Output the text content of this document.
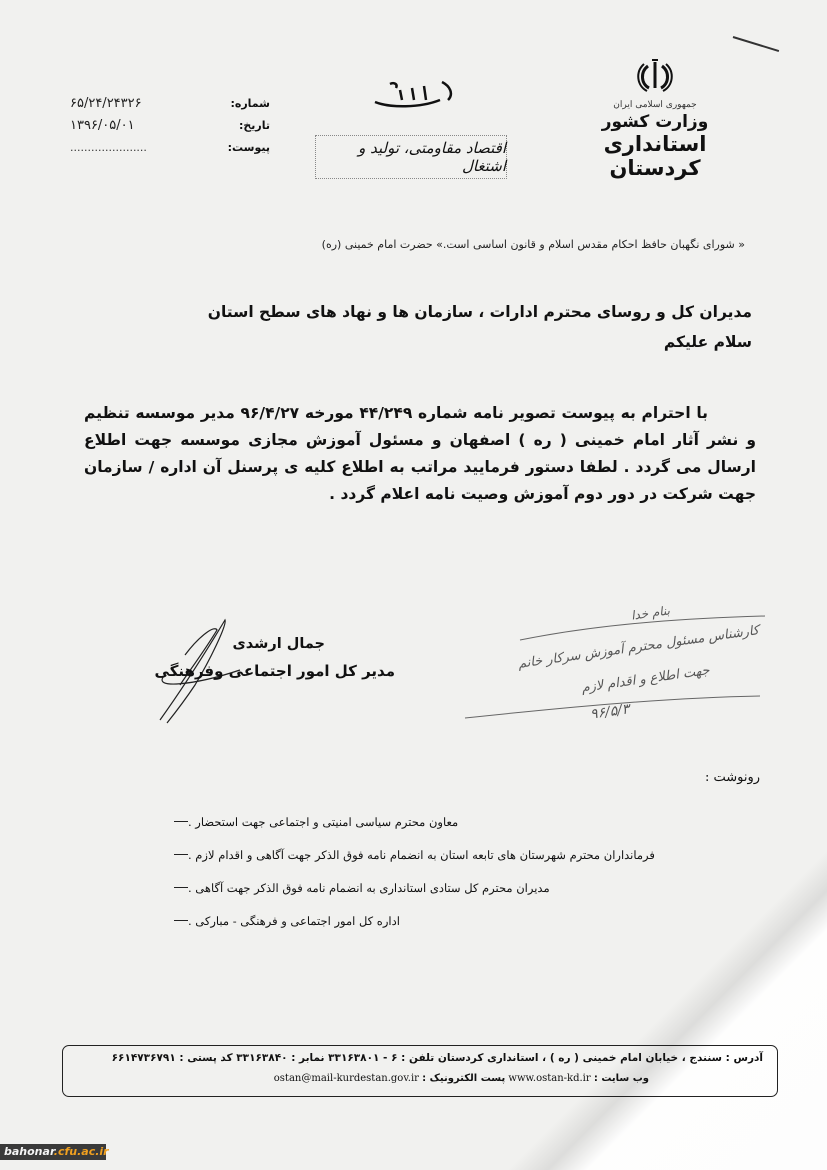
جمهوری اسلامی ایران
وزارت کشور
استانداری کردستان
اقتصاد مقاومتی، تولید و اشتغال
شماره:
۶۵/۲۴/۲۴۳۲۶
تاریخ:
۱۳۹۶/۰۵/۰۱
پیوست:
......................
« شورای نگهبان حافظ احکام مقدس اسلام و قانون اساسی است.» حضرت امام خمینی (ره)
مدیران کل و روسای محترم ادارات ، سازمان ها و نهاد های سطح استان
سلام علیکم

با احترام به پیوست تصویر نامه شماره ۴۴/۲۴۹ مورخه ۹۶/۴/۲۷ مدیر موسسه تنظیم و نشر آثار امام خمینی ( ره ) اصفهان و مسئول آموزش مجازی موسسه جهت اطلاع ارسال می گردد . لطفا دستور فرمایید مراتب به اطلاع کلیه ی پرسنل آن اداره / سازمان جهت شرکت در دور دوم آموزش وصیت نامه اعلام گردد .

جمال ارشدی
مدیر کل امور اجتماعی وفرهنگی
بنام خدا
کارشناس مسئول محترم آموزش سرکار خانم
جهت اطلاع و اقدام لازم
۹۶/۵/۳
رونوشت :
معاون محترم سیاسی امنیتی و اجتماعی جهت استحضار .
فرمانداران محترم شهرستان های تابعه استان به انضمام نامه فوق الذکر جهت آگاهی و اقدام لازم .
مدیران محترم کل ستادی استانداری به انضمام نامه فوق الذکر جهت آگاهی .
اداره کل امور اجتماعی و فرهنگی - مبارکی .
آدرس : سنندج ، خیابان امام خمینی ( ره ) ، استانداری کردستان تلفن : ۶ - ۳۳۱۶۳۸۰۱ نمابر : ۳۳۱۶۳۸۴۰ کد پستی : ۶۶۱۴۷۳۶۷۹۱
وب سایت : www.ostan-kd.ir پست الکترونیک : ostan@mail-kurdestan.gov.ir
bahonar.cfu.ac.ir
